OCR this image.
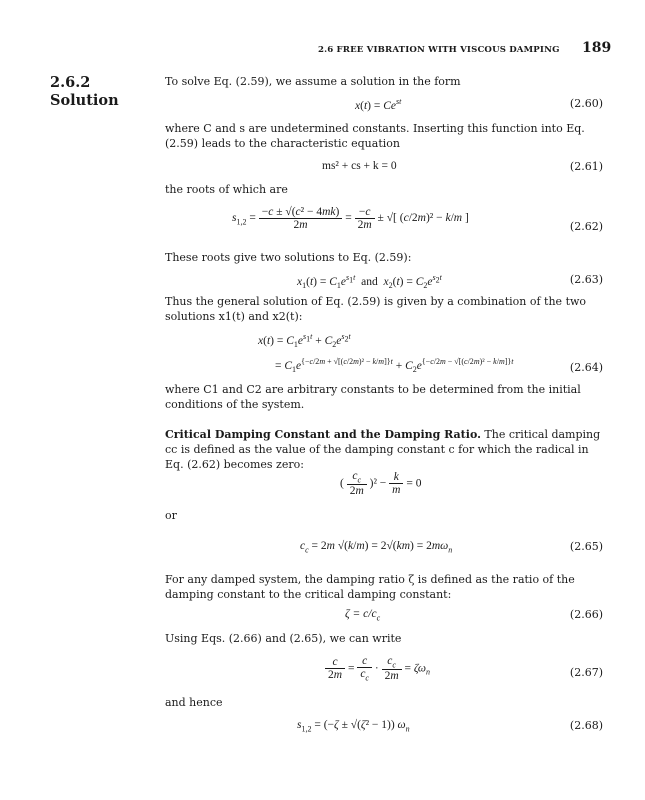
2.6 FREE VIBRATION WITH VISCOUS DAMPING 189
2.6.2
Solution
To solve Eq. (2.59), we assume a solution in the form
$x(t) = Ce^{st}$	(2.60)
where C and s are undetermined constants. Inserting this function into Eq. (2.59) leads to the characteristic equation
ms² + cs + k = 0	(2.61)
the roots of which are
$s_{1,2} = \frac{\text{−c ± √(c² − 4mk)}}{2m} = \frac{-c}{2m}$ ± √[ (c/2m)² − k/m ]
(2.62)
These roots give two solutions to Eq. (2.59):
$x_1(t) = C_1e^{s_1t}$ and $x_2(t) = C_2e^{s_2t}$	(2.63)
Thus the general solution of Eq. (2.59) is given by a combination of the two solutions x1(t) and x2(t):
$x(t) = C_1e^{s_1t} + C_2e^{s_2t}$
= $C_1e^{\{-c/2m + √[(c/2m)^2 - k/m]\}t} + C_2e^{\{-c/2m - √[(c/2m)^2 - k/m]\}t}$	(2.64)
where C1 and C2 are arbitrary constants to be determined from the initial conditions of the system.
Critical Damping Constant and the Damping Ratio. The critical damping cc is defined as the value of the damping constant c for which the radical in Eq. (2.62) becomes zero:
( $\frac{c_c}{2m} )^2 - \frac{k}{m} = 0$
or
$c_c = 2m$ $√(k/m) = 2√(km) = 2m\omega_n$	(2.65)
For any damped system, the damping ratio ζ is defined as the ratio of the damping constant to the critical damping constant:
$\zeta = c/c_c$	(2.66)
Using Eqs. (2.66) and (2.65), we can write
$\frac{c}{2m} = \frac{c}{c_c} \cdot \frac{c_c}{2m} = \zeta\omega_n$	(2.67)
and hence
$s_{1,2} = (-\zeta \pm √(\zeta^2 - 1))$ $\omega_n$	(2.68)
